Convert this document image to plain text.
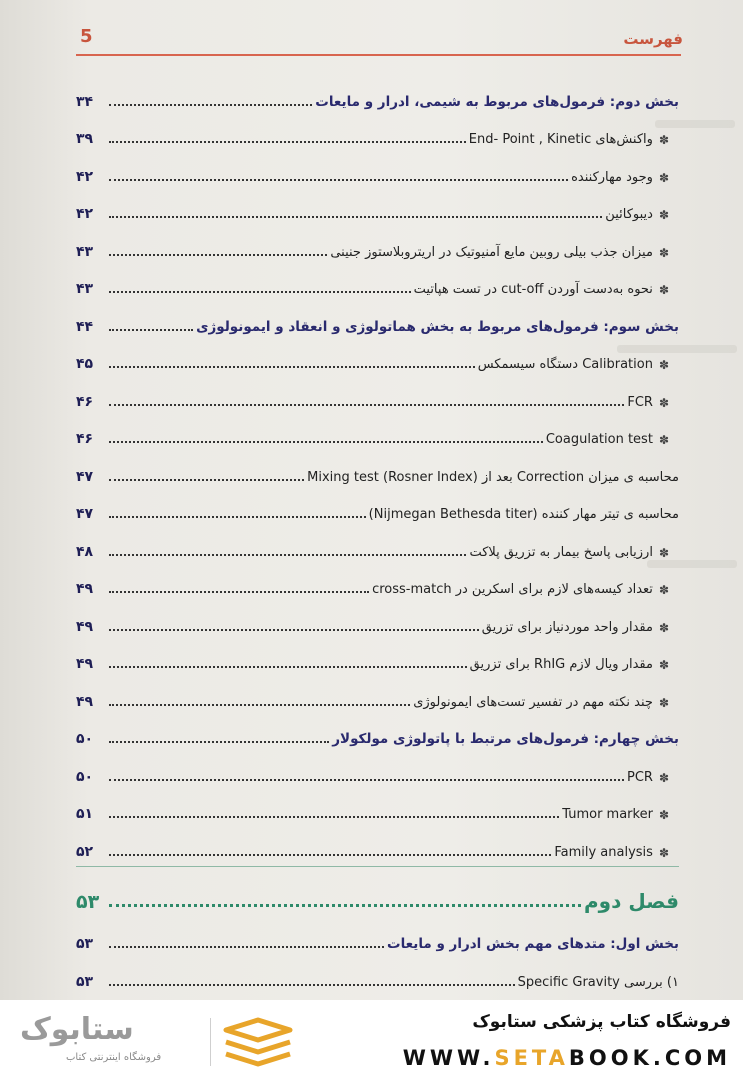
فهرست
5
بخش دوم: فرمول‌های مربوط به شیمی، ادرار و مایعات
۳۴
✽
واکنش‌های End- Point , Kinetic
۳۹
✽
وجود مهارکننده
۴۲
✽
دیبوکائین
۴۲
✽
میزان جذب بیلی روبین مایع آمنیوتیک در اریتروبلاستوز جنینی
۴۳
✽
نحوه به‌دست آوردن cut-off در تست هپاتیت
۴۳
بخش سوم: فرمول‌های مربوط به بخش هماتولوژی و انعقاد و ایمونولوژی
۴۴
✽
Calibration دستگاه سیسمکس
۴۵
✽
FCR
۴۶
✽
Coagulation test
۴۶
محاسبه ی میزان Correction بعد از (Rosner Index) Mixing test
۴۷
محاسبه ی تیتر مهار کننده (Nijmegan Bethesda titer)
۴۷
✽
ارزیابی پاسخ بیمار به تزریق پلاکت
۴۸
✽
تعداد کیسه‌های لازم برای اسکرین در cross-match
۴۹
✽
مقدار واحد موردنیاز برای تزریق
۴۹
✽
مقدار ویال لازم RhIG برای تزریق
۴۹
✽
چند نکته مهم در تفسیر تست‌های ایمونولوژی
۴۹
بخش چهارم: فرمول‌های مرتبط با پاتولوژی مولکولار
۵۰
✽
PCR
۵۰
✽
Tumor marker
۵۱
✽
Family analysis
۵۲
فصل دوم
۵۳
بخش اول: متدهای مهم بخش ادرار و مایعات
۵۳
۱) بررسی Specific Gravity
۵۳
ستابوک
فروشگاه اینترنتی کتاب
فروشگاه کتاب پزشکی ستابوک
WWW.SETABOOK.COM
